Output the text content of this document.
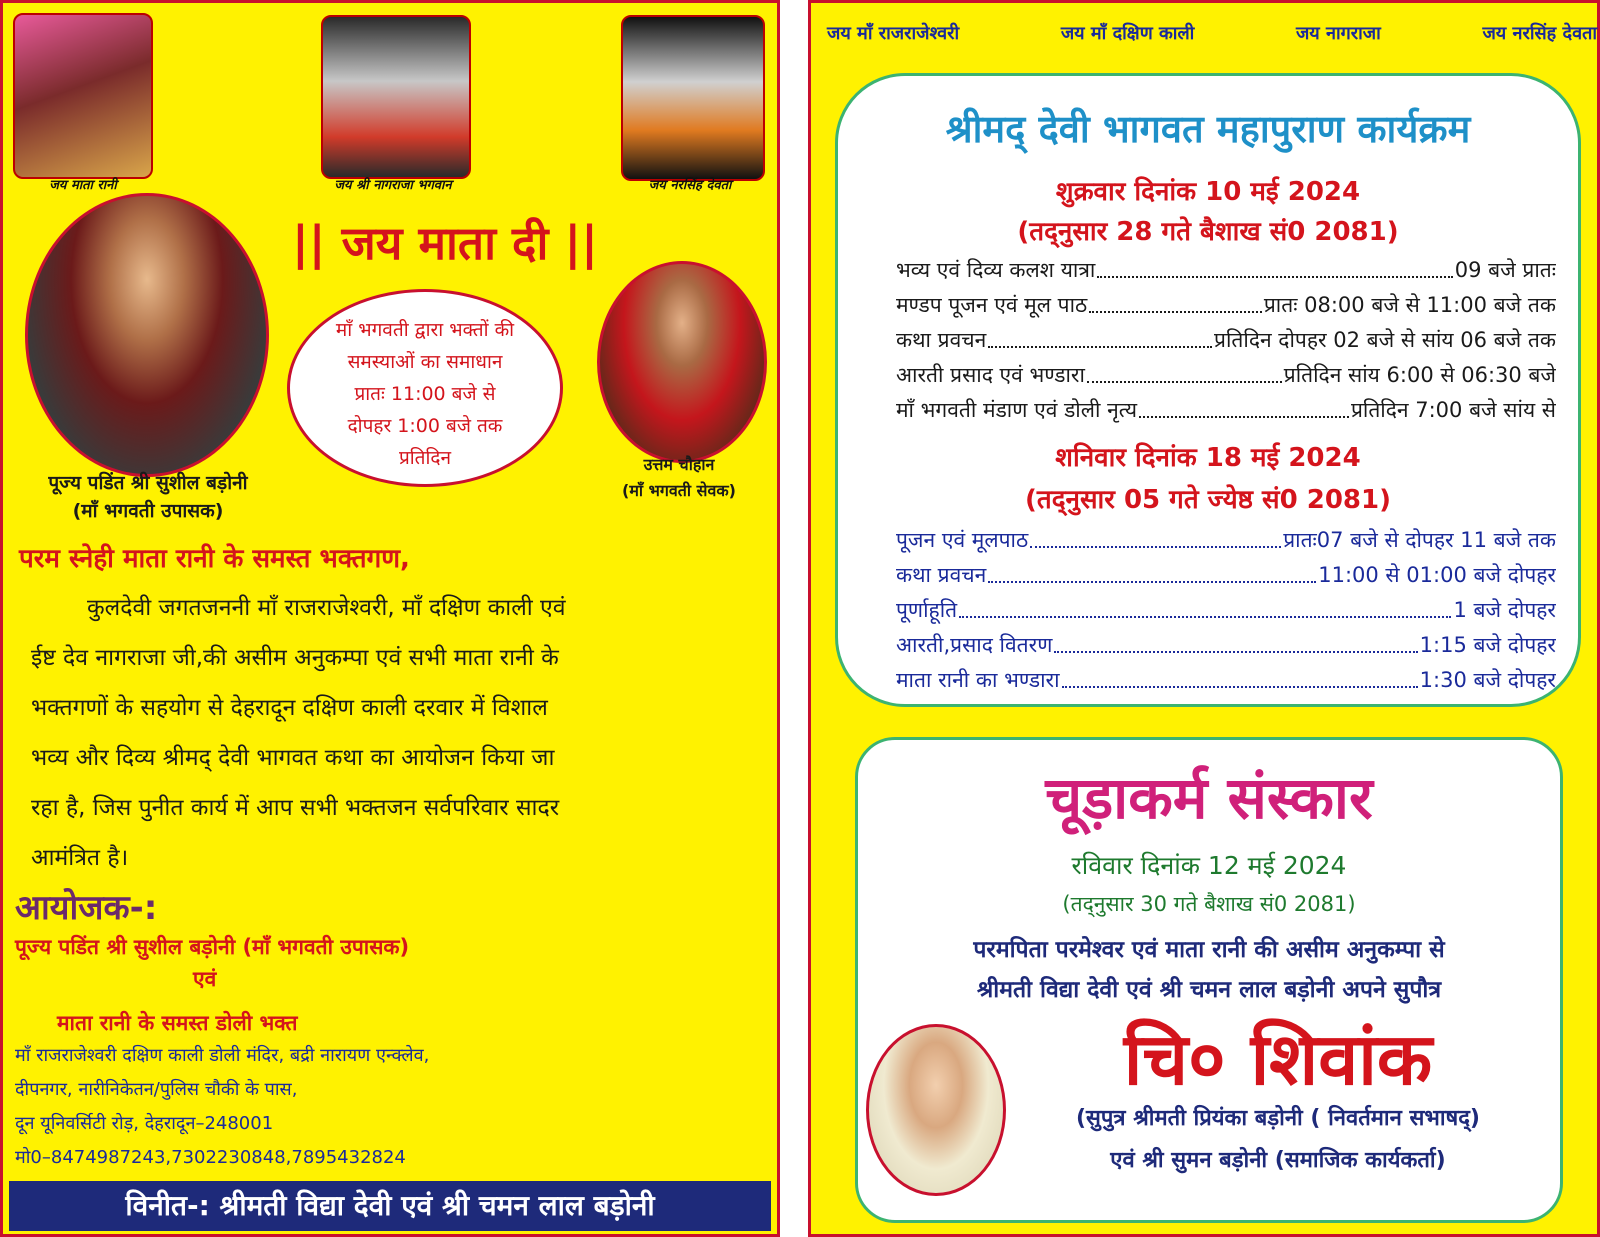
जय माता रानी	जय श्री नागराजा भगवान	जय नरसिंह देवता
पूज्य पडिंत श्री सुशील बड़ोनी
(माँ भगवती उपासक)
|| जय माता दी ||
माँ भगवती द्वारा भक्तों की
समस्याओं का समाधान
प्रातः 11:00 बजे से
दोपहर 1:00 बजे तक
प्रतिदिन	उत्तम चौहान
(माँ भगवती सेवक)
परम स्नेही माता रानी के समस्त भक्तगण,
कुलदेवी जगतजननी माँ राजराजेश्वरी, माँ दक्षिण काली एवं
ईष्ट देव नागराजा जी,की असीम अनुकम्पा एवं सभी माता रानी के
भक्तगणों के सहयोग से देहरादून दक्षिण काली दरवार में विशाल
भव्य और दिव्य श्रीमद् देवी भागवत कथा का आयोजन किया जा
रहा है, जिस पुनीत कार्य में आप सभी भक्तजन सर्वपरिवार सादर
आमंत्रित है।
आयोजक-:
पूज्य पडिंत श्री सुशील बड़ोनी (माँ भगवती उपासक)
एवं
माता रानी के समस्त डोली भक्त
माँ राजराजेश्वरी दक्षिण काली डोली मंदिर, बद्री नारायण एन्क्लेव,
दीपनगर, नारीनिकेतन/पुलिस चौकी के पास,
दून यूनिवर्सिटी रोड़, देहरादून–248001
मो0–8474987243,7302230848,7895432824
विनीत-: श्रीमती विद्या देवी एवं श्री चमन लाल बड़ोनी
जय माँ राजराजेश्वरी	जय माँ दक्षिण काली	जय नागराजा	जय नरसिंह देवता
श्रीमद् देवी भागवत महापुराण कार्यक्रम
शुक्रवार दिनांक 10 मई 2024
(तद्नुसार 28 गते बैशाख सं0 2081)
भव्य एवं दिव्य कलश यात्रा	09 बजे प्रातः
मण्डप पूजन एवं मूल पाठ	प्रातः 08:00 बजे से 11:00 बजे तक
कथा प्रवचन	प्रतिदिन दोपहर 02 बजे से सांय 06 बजे तक
आरती प्रसाद एवं भण्डारा	प्रतिदिन सांय 6:00 से 06:30 बजे
माँ भगवती मंडाण एवं डोली नृत्य	प्रतिदिन 7:00 बजे सांय से
शनिवार दिनांक 18 मई 2024
(तद्नुसार 05 गते ज्येष्ठ सं0 2081)
पूजन एवं मूलपाठ	प्रातः07 बजे से दोपहर 11 बजे तक
कथा प्रवचन	11:00 से 01:00 बजे दोपहर
पूर्णाहूति	1 बजे दोपहर
आरती,प्रसाद वितरण	1:15 बजे दोपहर
माता रानी का भण्डारा	1:30 बजे दोपहर
चूड़ाकर्म संस्कार
रविवार दिनांक 12 मई 2024
(तद्नुसार 30 गते बैशाख सं0 2081)
परमपिता परमेश्वर एवं माता रानी की असीम अनुकम्पा से
श्रीमती विद्या देवी एवं श्री चमन लाल बड़ोनी अपने सुपौत्र
चि० शिवांक
(सुपुत्र श्रीमती प्रियंका बड़ोनी ( निवर्तमान सभाषद्)
एवं श्री सुमन बड़ोनी (समाजिक कार्यकर्ता)
